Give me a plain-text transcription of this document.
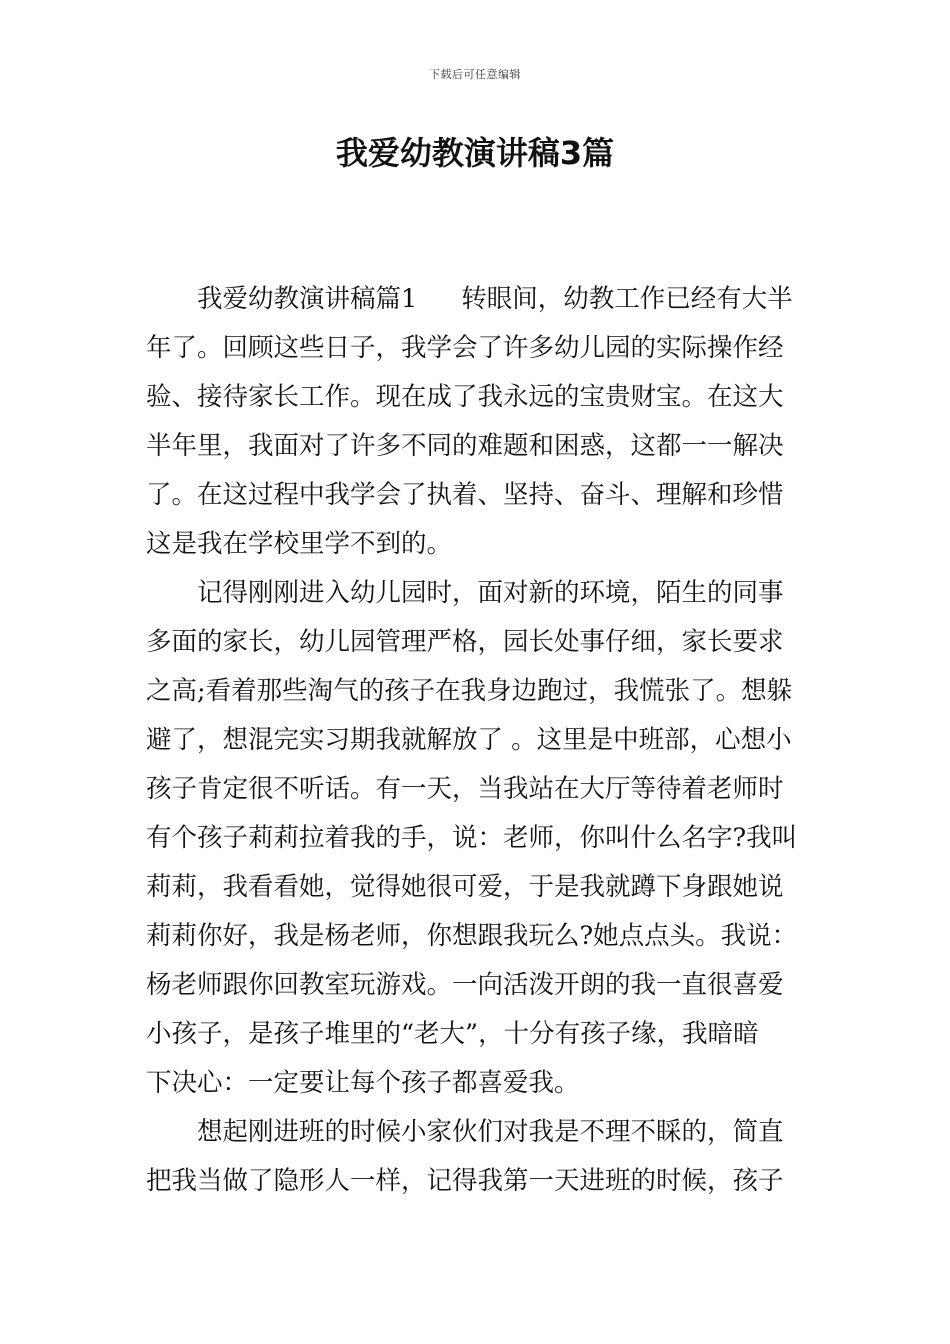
下载后可任意编辑
我爱幼教演讲稿3篇
我爱幼教演讲稿篇1 转眼间，幼教工作已经有大半
年了。回顾这些日子，我学会了许多幼儿园的实际操作经
验、接待家长工作。现在成了我永远的宝贵财宝。在这大
半年里，我面对了许多不同的难题和困惑，这都一一解决
了。在这过程中我学会了执着、坚持、奋斗、理解和珍惜
这是我在学校里学不到的。
记得刚刚进入幼儿园时，面对新的环境，陌生的同事
多面的家长，幼儿园管理严格，园长处事仔细，家长要求
之高;看着那些淘气的孩子在我身边跑过，我慌张了。想躲
避了，想混完实习期我就解放了 。这里是中班部，心想小
孩子肯定很不听话。有一天，当我站在大厅等待着老师时
有个孩子莉莉拉着我的手，说：老师，你叫什么名字?我叫
莉莉，我看看她，觉得她很可爱，于是我就蹲下身跟她说
莉莉你好，我是杨老师，你想跟我玩么?她点点头。我说：
杨老师跟你回教室玩游戏。一向活泼开朗的我一直很喜爱
小孩子，是孩子堆里的“老大”，十分有孩子缘，我暗暗
下决心：一定要让每个孩子都喜爱我。
想起刚进班的时候小家伙们对我是不理不睬的，简直
把我当做了隐形人一样，记得我第一天进班的时候，孩子
